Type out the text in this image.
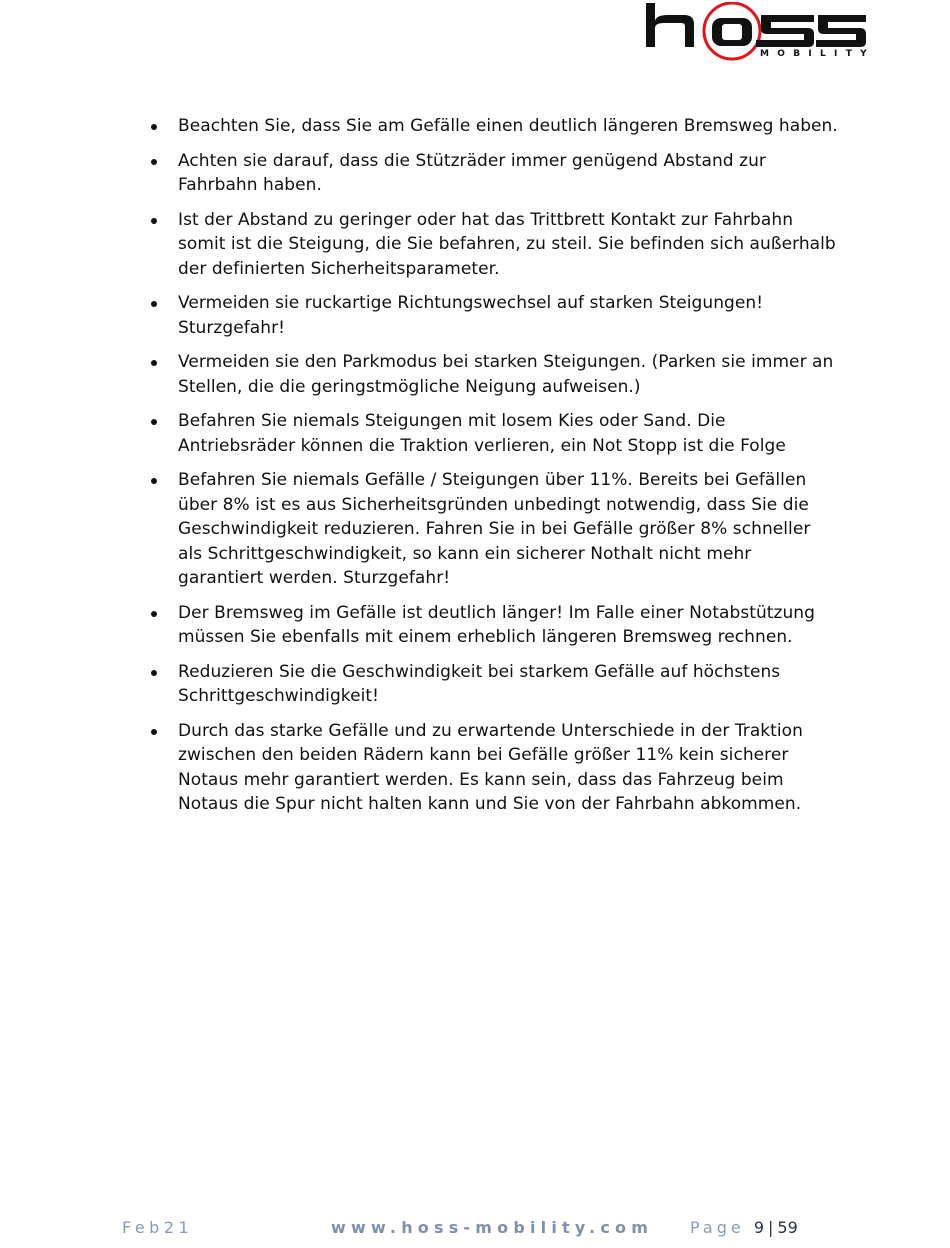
MOBILITY
Beachten Sie, dass Sie am Gefälle einen deutlich längeren Bremsweg haben.
Achten sie darauf, dass die Stützräder immer genügend Abstand zur Fahrbahn haben.
Ist der Abstand zu geringer oder hat das Trittbrett Kontakt zur Fahrbahn somit ist die Steigung, die Sie befahren, zu steil. Sie befinden sich außerhalb der definierten Sicherheitsparameter.
Vermeiden sie ruckartige Richtungswechsel auf starken Steigungen! Sturzgefahr!
Vermeiden sie den Parkmodus bei starken Steigungen. (Parken sie immer an Stellen, die die geringstmögliche Neigung aufweisen.)
Befahren Sie niemals Steigungen mit losem Kies oder Sand. Die Antriebsräder können die Traktion verlieren, ein Not Stopp ist die Folge
Befahren Sie niemals Gefälle / Steigungen über 11%. Bereits bei Gefällen über 8% ist es aus Sicherheitsgründen unbedingt notwendig, dass Sie die Geschwindigkeit reduzieren. Fahren Sie in bei Gefälle größer 8% schneller als Schrittgeschwindigkeit, so kann ein sicherer Nothalt nicht mehr garantiert werden. Sturzgefahr!
Der Bremsweg im Gefälle ist deutlich länger! Im Falle einer Notabstützung müssen Sie ebenfalls mit einem erheblich längeren Bremsweg rechnen.
Reduzieren Sie die Geschwindigkeit bei starkem Gefälle auf höchstens Schrittgeschwindigkeit!
Durch das starke Gefälle und zu erwartende Unterschiede in der Traktion zwischen den beiden Rädern kann bei Gefälle größer 11% kein sicherer Notaus mehr garantiert werden. Es kann sein, dass das Fahrzeug beim Notaus die Spur nicht halten kann und Sie von der Fahrbahn abkommen.
Feb21	www.hoss-mobility.com Page 9 | 59
